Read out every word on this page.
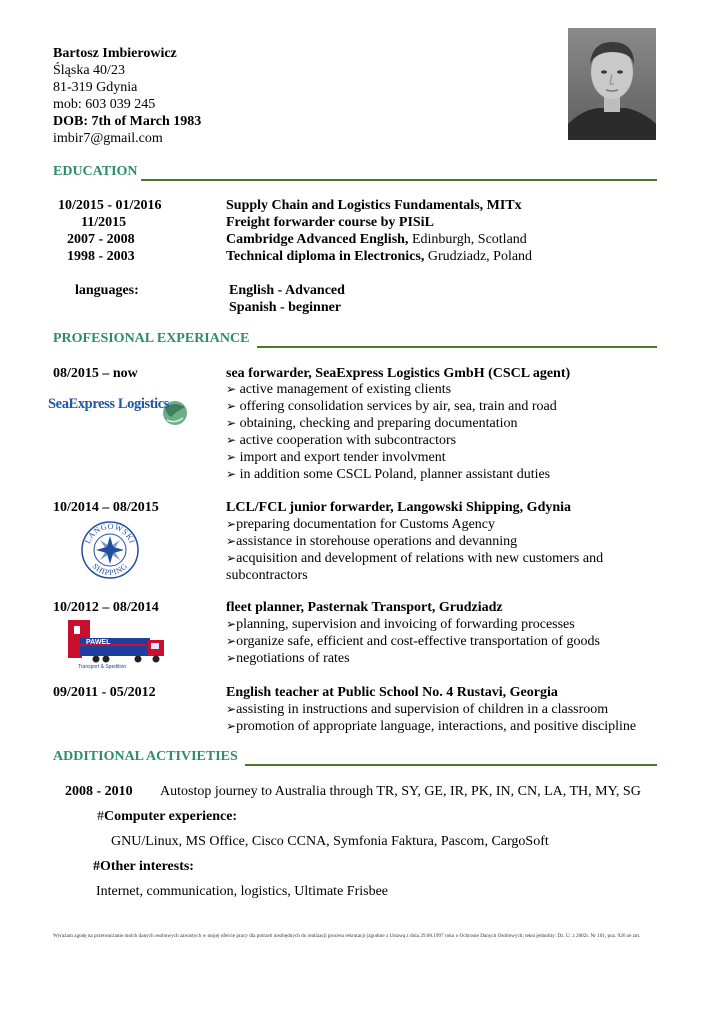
Bartosz Imbierowicz
Śląska 40/23
81-319 Gdynia
mob: 603 039 245
DOB: 7th of March 1983
imbir7@gmail.com
EDUCATION
10/2015 - 01/2016	Supply Chain and Logistics Fundamentals, MITx
11/2015	Freight forwarder course by PISiL
2007 - 2008	Cambridge Advanced English, Edinburgh, Scotland
1998 - 2003	Technical diploma in Electronics, Grudziadz, Poland
languages:	English - Advanced
Spanish - beginner
PROFESIONAL EXPERIANCE
08/2015 – now	sea forwarder, SeaExpress Logistics GmbH (CSCL agent)
SeaExpress Logistics
➢ active management of existing clients
➢ offering consolidation services by air, sea, train and road
➢ obtaining, checking and preparing documentation
➢ active cooperation with subcontractors
➢ import and export tender involvment
➢ in addition some CSCL Poland, planner assistant duties
10/2014 – 08/2015	LCL/FCL junior forwarder, Langowski Shipping, Gdynia
LANGOWSKI
SHIPPING
➢preparing documentation for Customs Agency
➢assistance in storehouse operations and devanning
➢acquisition and development of relations with new customers and
subcontractors
10/2012 – 08/2014	fleet planner, Pasternak Transport, Grudziadz
PAWEL
Transport & Spedition
➢planning, supervision and invoicing of forwarding processes
➢organize safe, efficient and cost-effective transportation of goods
➢negotiations of rates
09/2011 - 05/2012	English teacher at Public School No. 4 Rustavi, Georgia
➢assisting in instructions and supervision of children in a classroom
➢promotion of appropriate language, interactions, and positive discipline
ADDITIONAL ACTIVIETIES
2008 - 2010 Autostop journey to Australia through TR, SY, GE, IR, PK, IN, CN, LA, TH, MY, SG
#Computer experience:
GNU/Linux, MS Office, Cisco CCNA, Symfonia Faktura, Pascom, CargoSoft
#Other interests:
Internet, communication, logistics, Ultimate Frisbee
Wyrażam zgodę na przetwarzanie moich danych osobowych zawartych w mojej ofercie pracy dla potrzeb niezbędnych do realizacji procesu rekrutacji (zgodnie z Ustawą z dnia 29.08.1997 roku o Ochronie Danych Osobowych; tekst jednolity: Dz. U. z 2002r. Nr 101, poz. 926 ze zm.
